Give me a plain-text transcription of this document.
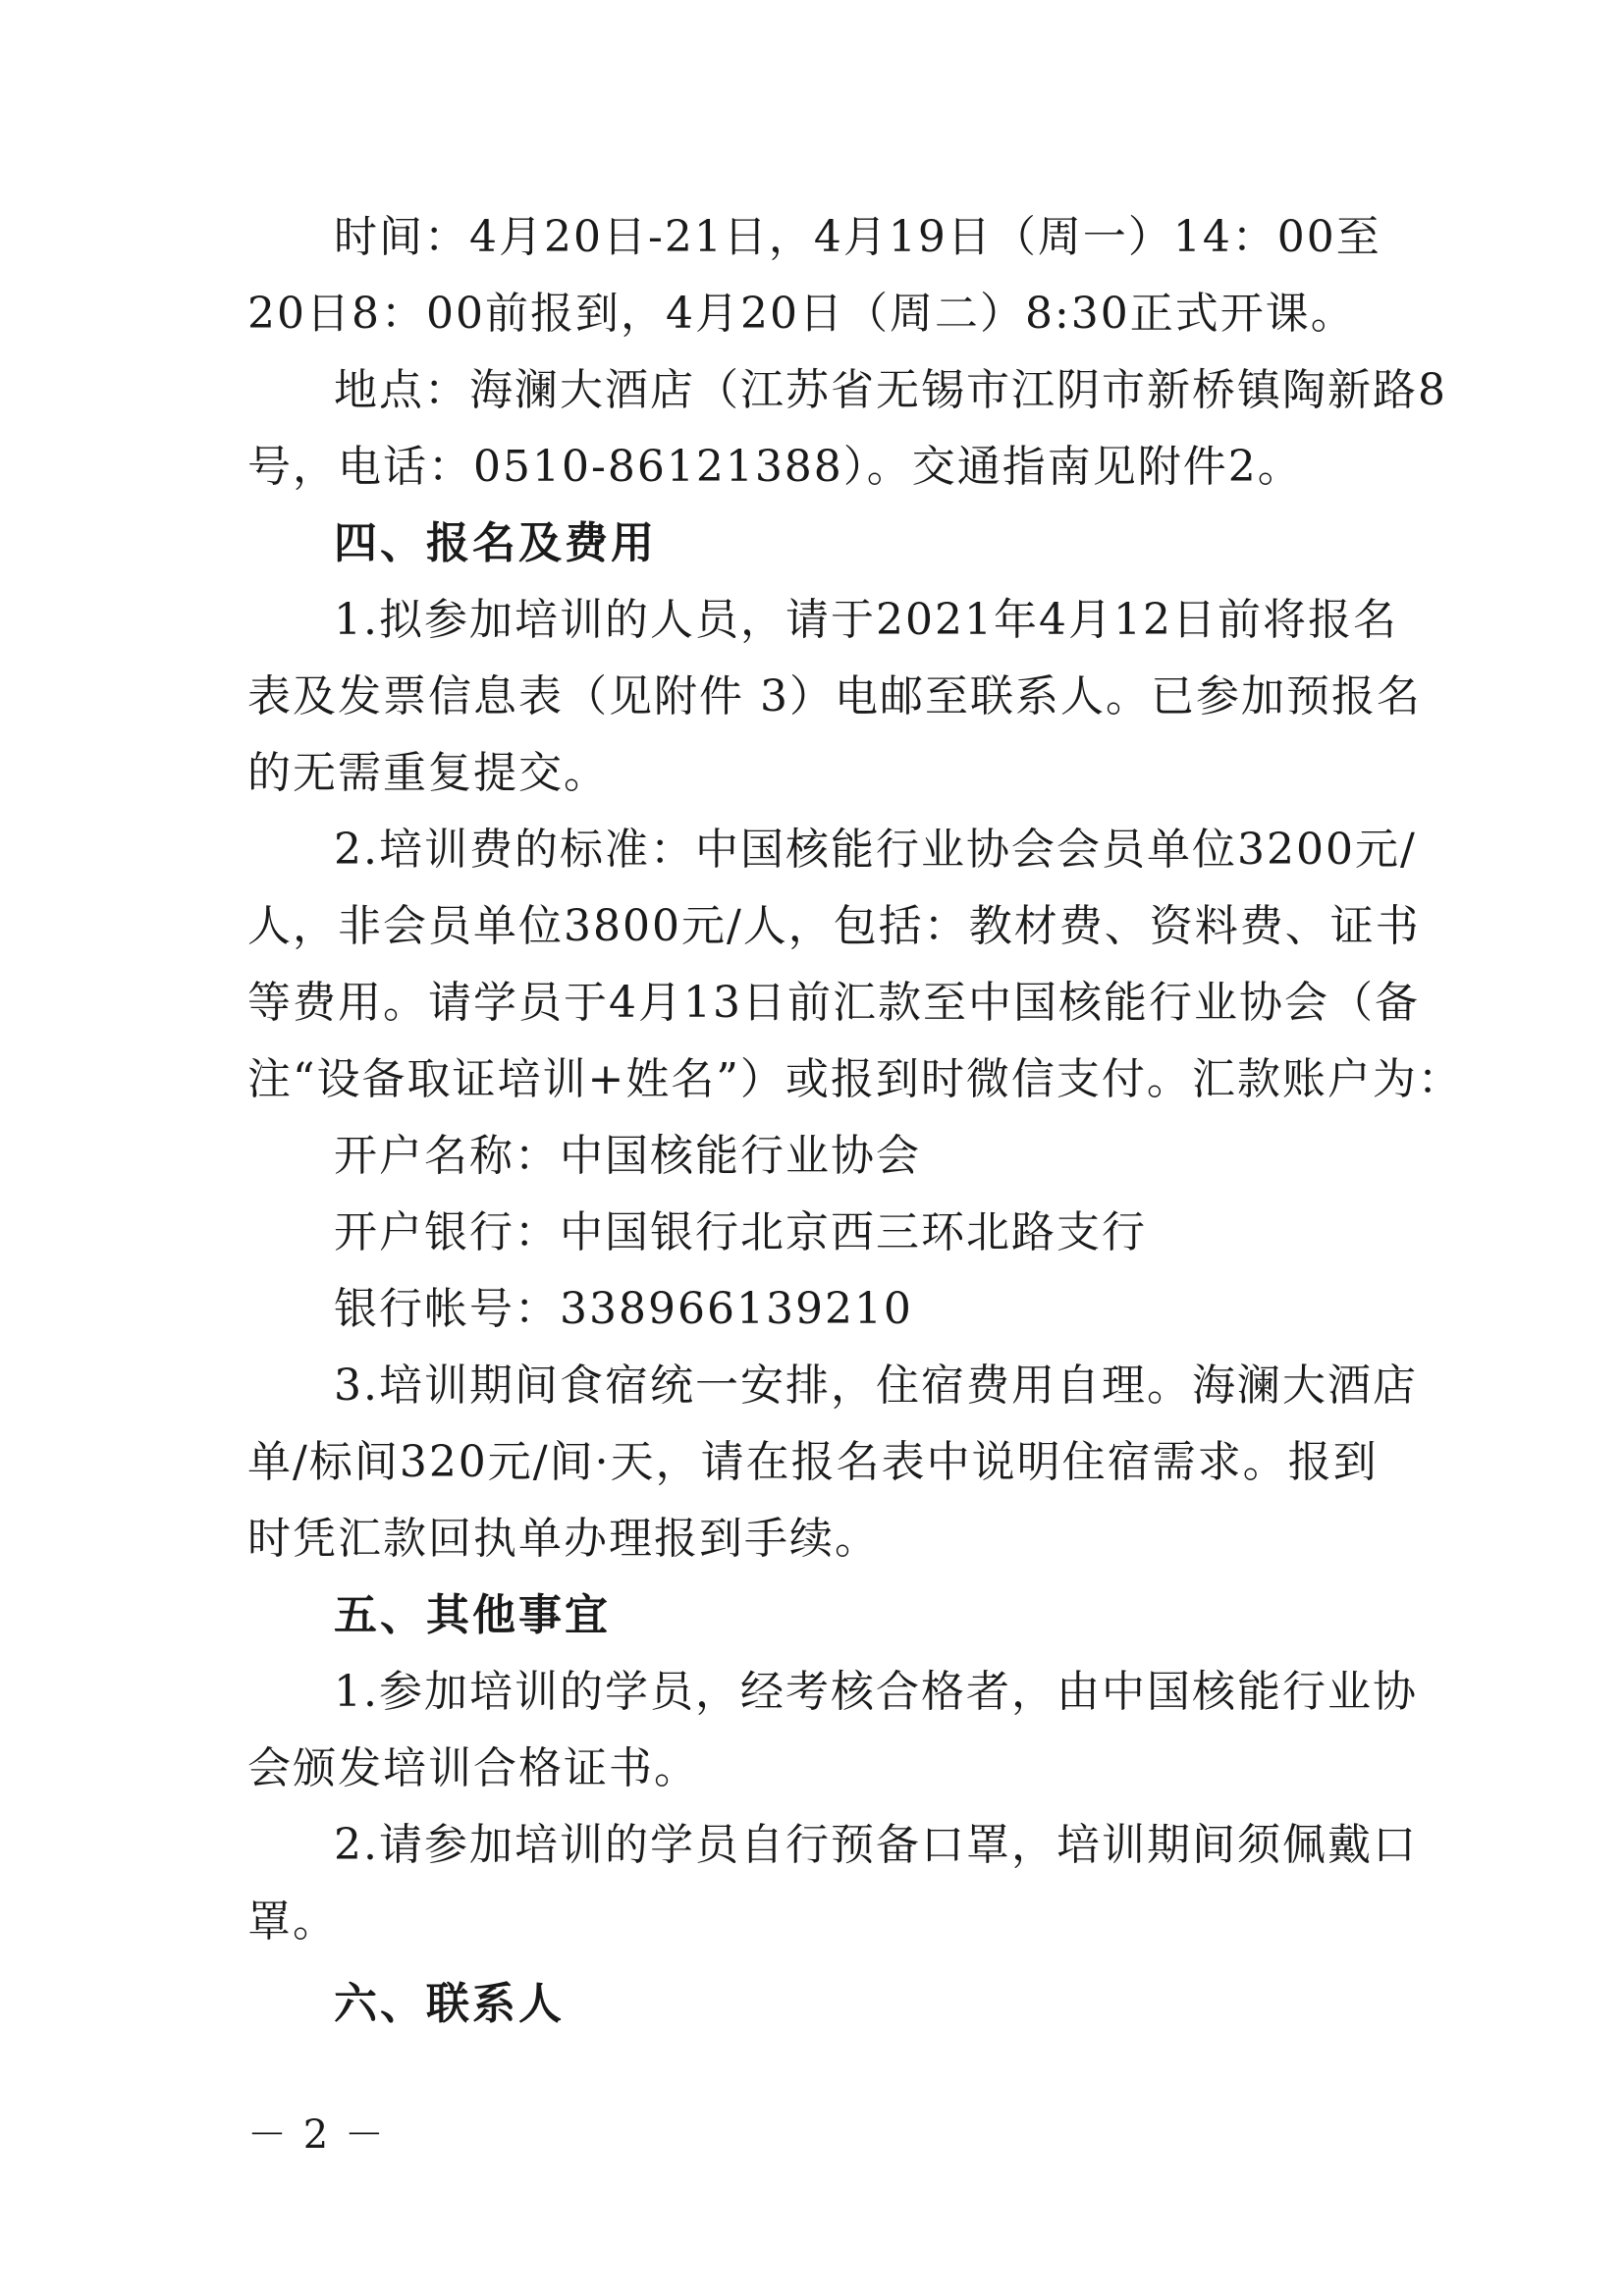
时间：4月20日-21日，4月19日（周一）14：00至
20日8：00前报到，4月20日（周二）8:30正式开课。
地点：海澜大酒店（江苏省无锡市江阴市新桥镇陶新路8
号，电话：0510-86121388）。交通指南见附件2。
四、报名及费用
1.拟参加培训的人员，请于2021年4月12日前将报名
表及发票信息表（见附件 3）电邮至联系人。已参加预报名
的无需重复提交。
2.培训费的标准：中国核能行业协会会员单位3200元/
人，非会员单位3800元/人，包括：教材费、资料费、证书
等费用。请学员于4月13日前汇款至中国核能行业协会（备
注“设备取证培训+姓名”）或报到时微信支付。汇款账户为：
开户名称：中国核能行业协会
开户银行：中国银行北京西三环北路支行
银行帐号：338966139210
3.培训期间食宿统一安排，住宿费用自理。海澜大酒店
单/标间320元/间·天，请在报名表中说明住宿需求。报到
时凭汇款回执单办理报到手续。
五、其他事宜
1.参加培训的学员，经考核合格者，由中国核能行业协
会颁发培训合格证书。
2.请参加培训的学员自行预备口罩，培训期间须佩戴口
罩。
六、联系人
－ 2 －
